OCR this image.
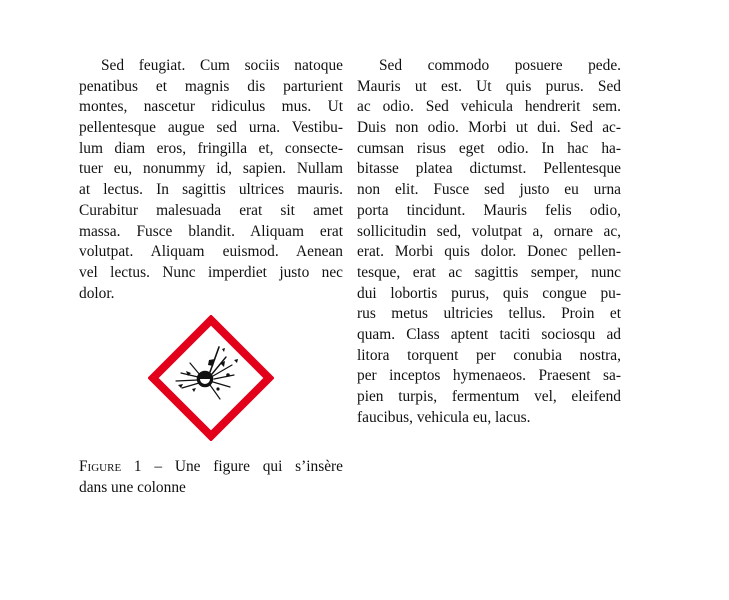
Sed feugiat. Cum sociis natoque
penatibus et magnis dis parturient
montes, nascetur ridiculus mus. Ut
pellentesque augue sed urna. Vestibu-
lum diam eros, fringilla et, consecte-
tuer eu, nonummy id, sapien. Nullam
at lectus. In sagittis ultrices mauris.
Curabitur malesuada erat sit amet
massa. Fusce blandit. Aliquam erat
volutpat. Aliquam euismod. Aenean
vel lectus. Nunc imperdiet justo nec
dolor.
Figure 1 – Une figure qui s’insère
dans une colonne
Sed commodo posuere pede.
Mauris ut est. Ut quis purus. Sed
ac odio. Sed vehicula hendrerit sem.
Duis non odio. Morbi ut dui. Sed ac-
cumsan risus eget odio. In hac ha-
bitasse platea dictumst. Pellentesque
non elit. Fusce sed justo eu urna
porta tincidunt. Mauris felis odio,
sollicitudin sed, volutpat a, ornare ac,
erat. Morbi quis dolor. Donec pellen-
tesque, erat ac sagittis semper, nunc
dui lobortis purus, quis congue pu-
rus metus ultricies tellus. Proin et
quam. Class aptent taciti sociosqu ad
litora torquent per conubia nostra,
per inceptos hymenaeos. Praesent sa-
pien turpis, fermentum vel, eleifend
faucibus, vehicula eu, lacus.
